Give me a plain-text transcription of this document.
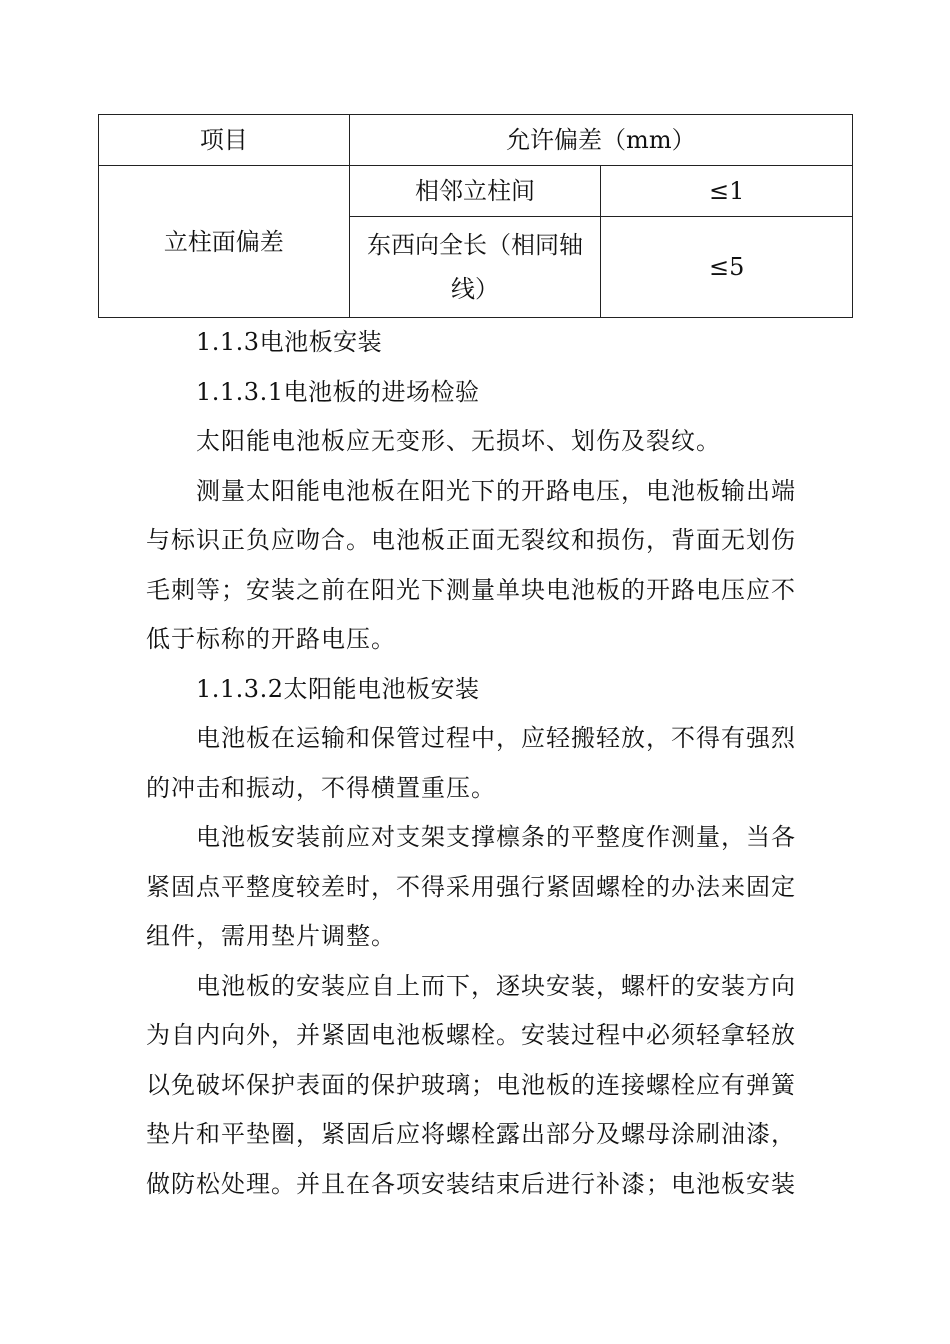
项目	允许偏差（mm）	
立柱面偏差	相邻立柱间	≤1
	东西向全长（相同轴线）	≤5

1.1.3电池板安装

1.1.3.1电池板的进场检验

太阳能电池板应无变形、无损坏、划伤及裂纹。

测量太阳能电池板在阳光下的开路电压，电池板输出端与标识正负应吻合。电池板正面无裂纹和损伤，背面无划伤毛刺等；安装之前在阳光下测量单块电池板的开路电压应不低于标称的开路电压。

1.1.3.2太阳能电池板安装

电池板在运输和保管过程中，应轻搬轻放，不得有强烈的冲击和振动，不得横置重压。

电池板安装前应对支架支撑檩条的平整度作测量，当各紧固点平整度较差时，不得采用强行紧固螺栓的办法来固定组件，需用垫片调整。

电池板的安装应自上而下，逐块安装，螺杆的安装方向为自内向外，并紧固电池板螺栓。安装过程中必须轻拿轻放以免破坏保护表面的保护玻璃；电池板的连接螺栓应有弹簧垫片和平垫圈，紧固后应将螺栓露出部分及螺母涂刷油漆，做防松处理。并且在各项安装结束后进行补漆；电池板安装
